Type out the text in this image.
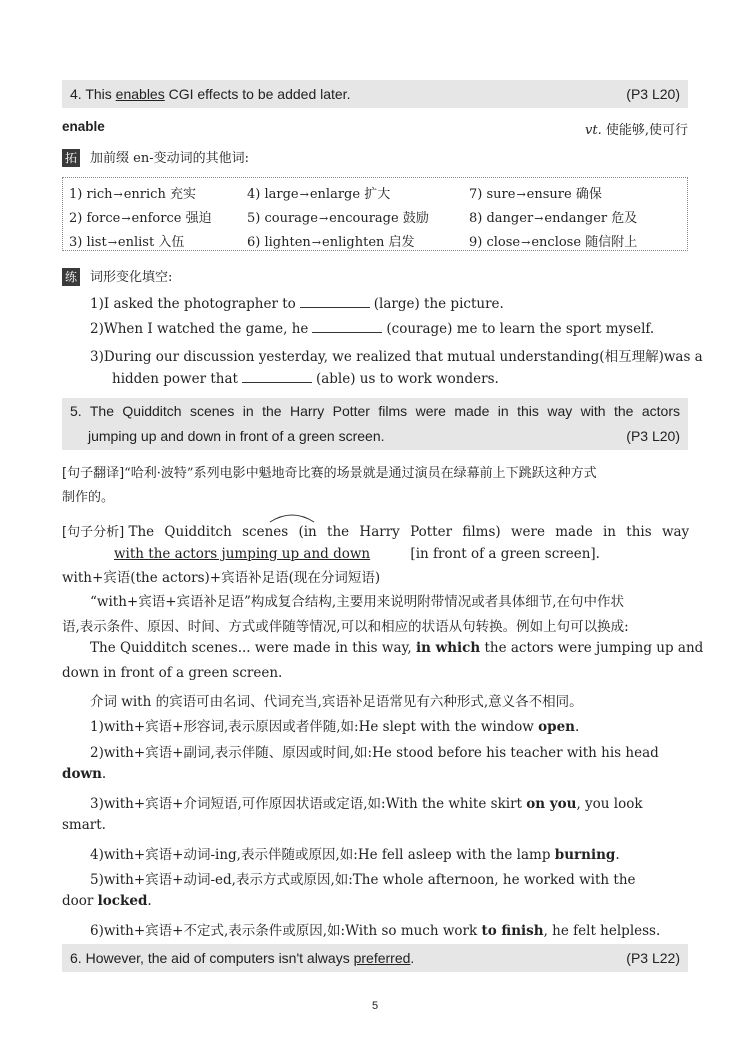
4. This enables CGI effects to be added later.	(P3 L20)
enable	vt. 使能够,使可行
拓 加前缀 en-变动词的其他词:
1) rich→enrich 充实	4) large→enlarge 扩大	7) sure→ensure 确保
2) force→enforce 强迫	5) courage→encourage 鼓励	8) danger→endanger 危及
3) list→enlist 入伍	6) lighten→enlighten 启发	9) close→enclose 随信附上
练 词形变化填空:
1)I asked the photographer to	(large) the picture.
2)When I watched the game, he	(courage) me to learn the sport myself.
3)During our discussion yesterday, we realized that mutual understanding(相互理解)was a
hidden power that	(able) us to work wonders.
5. The Quidditch scenes in the Harry Potter films were made in this way with the actors
jumping up and down in front of a green screen.	(P3 L20)
[句子翻译]“哈利·波特”系列电影中魁地奇比赛的场景就是通过演员在绿幕前上下跳跃这种方式
制作的。
[句子分析] The Quidditch scenes (in the Harry Potter films) were made in this way
with the actors jumping up and down	[in front of a green screen].
with+宾语(the actors)+宾语补足语(现在分词短语)
“with+宾语+宾语补足语”构成复合结构,主要用来说明附带情况或者具体细节,在句中作状
语,表示条件、原因、时间、方式或伴随等情况,可以和相应的状语从句转换。例如上句可以换成:
The Quidditch scenes... were made in this way, in which the actors were jumping up and
down in front of a green screen.
介词 with 的宾语可由名词、代词充当,宾语补足语常见有六种形式,意义各不相同。
1)with+宾语+形容词,表示原因或者伴随,如:He slept with the window open.
2)with+宾语+副词,表示伴随、原因或时间,如:He stood before his teacher with his head
down.
3)with+宾语+介词短语,可作原因状语或定语,如:With the white skirt on you, you look
smart.
4)with+宾语+动词-ing,表示伴随或原因,如:He fell asleep with the lamp burning.
5)with+宾语+动词-ed,表示方式或原因,如:The whole afternoon, he worked with the
door locked.
6)with+宾语+不定式,表示条件或原因,如:With so much work to finish, he felt helpless.
6. However, the aid of computers isn't always preferred.	(P3 L22)
5
